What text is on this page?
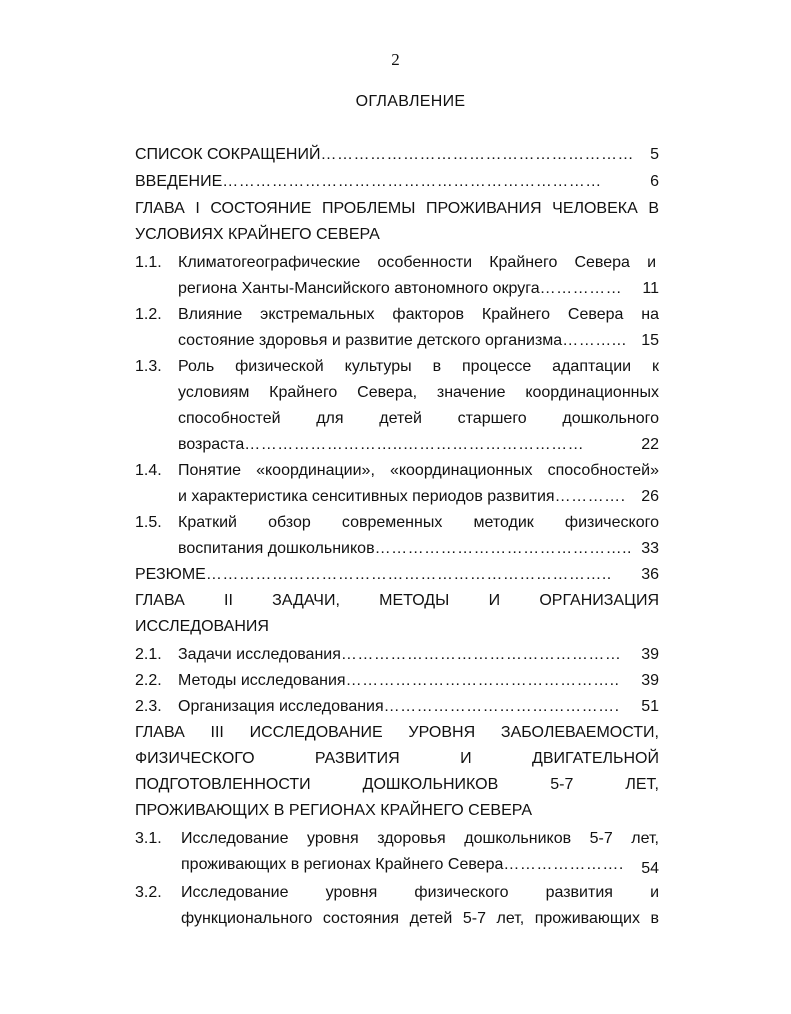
2
ОГЛАВЛЕНИЕ
СПИСОК СОКРАЩЕНИЙ………………………………………………… 5
ВВЕДЕНИЕ……………………………………………………………	6
ГЛАВА I СОСТОЯНИЕ ПРОБЛЕМЫ ПРОЖИВАНИЯ ЧЕЛОВЕКА В
УСЛОВИЯХ КРАЙНЕГО СЕВЕРА
1.1. Климатогеографические особенности Крайнего Севера и
региона Ханты-Мансийского автономного округа…………… 11
1.2. Влияние экстремальных факторов Крайнего Севера на
состояние здоровья и развитие детского организма………... 15
1.3. Роль физической культуры в процессе адаптации к
условиям Крайнего Севера, значение координационных
способностей для детей старшего дошкольного
возраста………………………..……………………………	22
1.4. Понятие «координации», «координационных способностей»
и характеристика сенситивных периодов развития…………. 26
1.5. Краткий обзор современных методик физического
воспитания дошкольников……………………………………….. 33
РЕЗЮМЕ……………………………………………………………….. 36
ГЛАВА II ЗАДАЧИ, МЕТОДЫ И ОРГАНИЗАЦИЯ
ИССЛЕДОВАНИЯ
2.1. Задачи исследования…………………………………………… 39
2.2. Методы исследования………………………………………….. 39
2.3. Организация исследования……………………………………. 51
ГЛАВА III ИССЛЕДОВАНИЕ УРОВНЯ ЗАБОЛЕВАЕМОСТИ,
ФИЗИЧЕСКОГО РАЗВИТИЯ И ДВИГАТЕЛЬНОЙ
ПОДГОТОВЛЕННОСТИ ДОШКОЛЬНИКОВ 5-7 ЛЕТ,
ПРОЖИВАЮЩИХ В РЕГИОНАХ КРАЙНЕГО СЕВЕРА
3.1. Исследование уровня здоровья дошкольников 5-7 лет,
проживающих в регионах Крайнего Севера…………………. 54
3.2. Исследование уровня физического развития и
функционального состояния детей 5-7 лет, проживающих в
